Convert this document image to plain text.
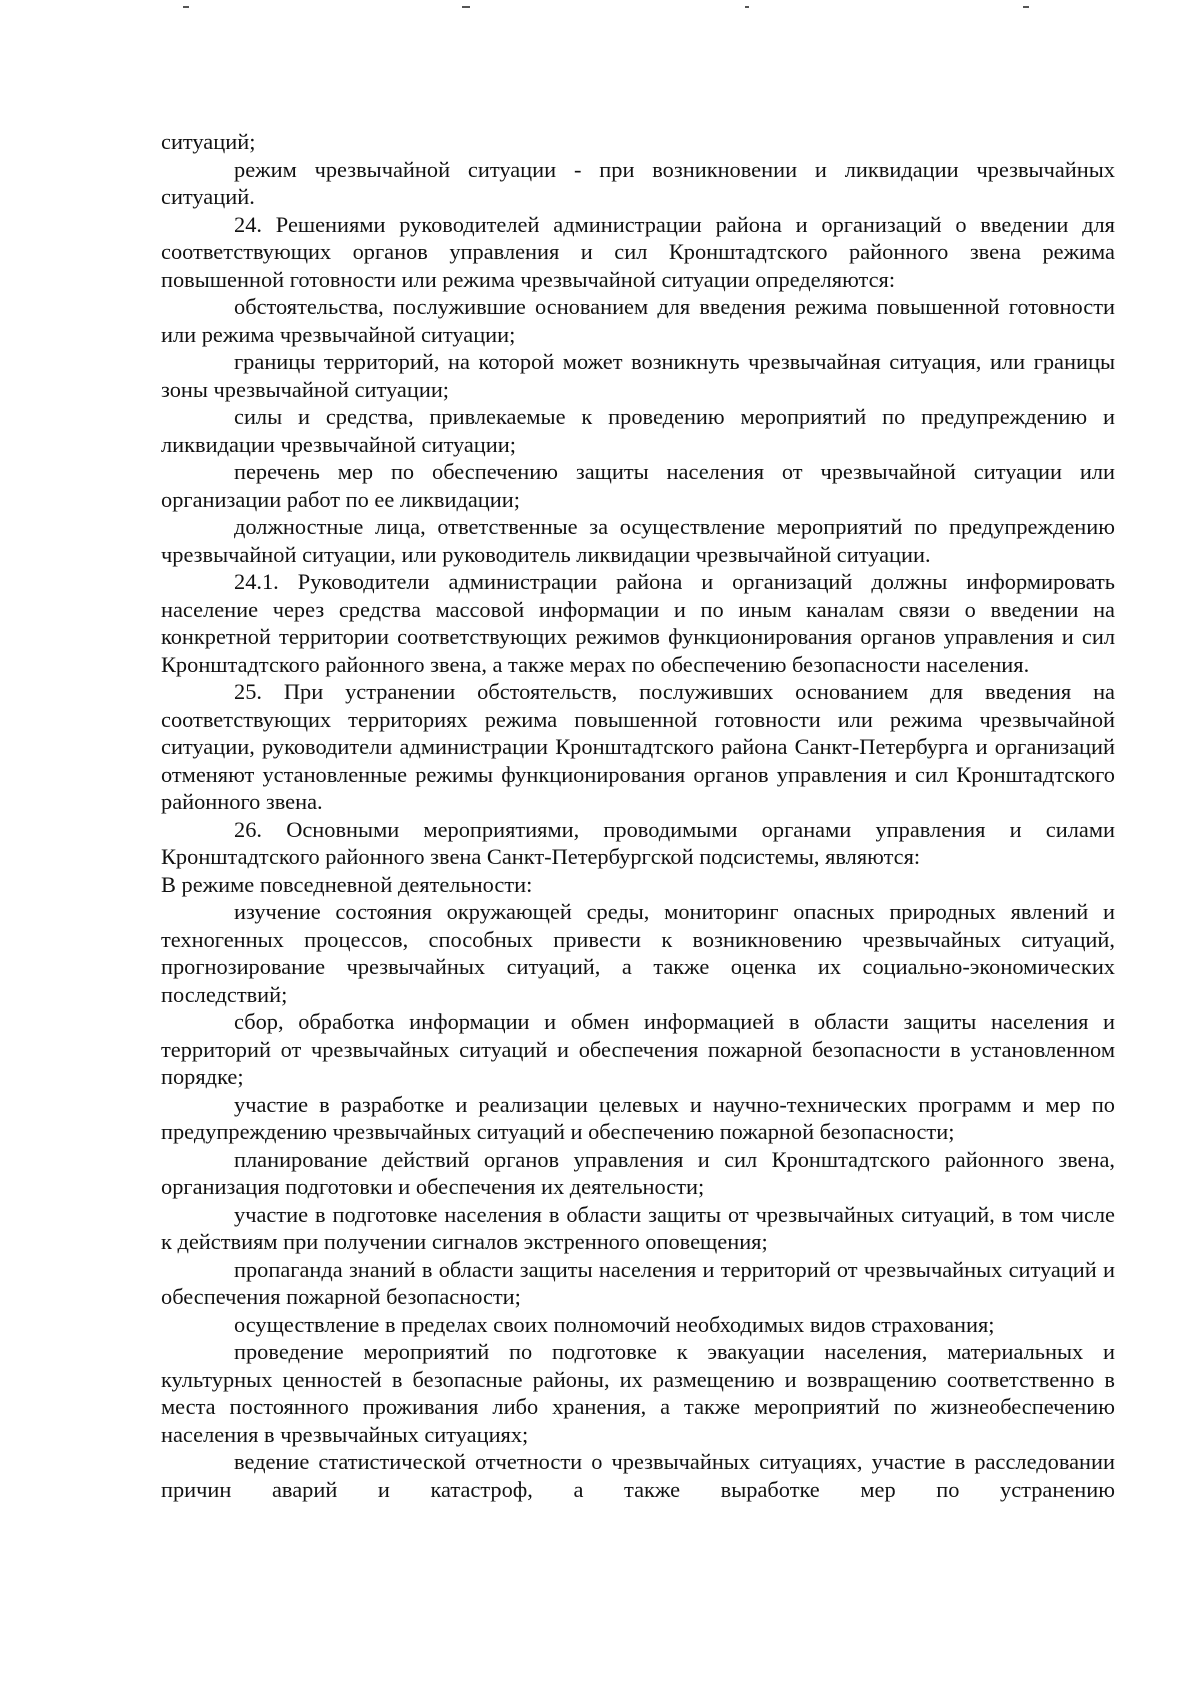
ситуаций;

режим чрезвычайной ситуации - при возникновении и ликвидации чрезвычайных ситуаций.

24. Решениями руководителей администрации района и организаций о введении для соответствующих органов управления и сил Кронштадтского районного звена режима повышенной готовности или режима чрезвычайной ситуации определяются:

обстоятельства, послужившие основанием для введения режима повышенной готовности или режима чрезвычайной ситуации;

границы территорий, на которой может возникнуть чрезвычайная ситуация, или границы зоны чрезвычайной ситуации;

силы и средства, привлекаемые к проведению мероприятий по предупреждению и ликвидации чрезвычайной ситуации;

перечень мер по обеспечению защиты населения от чрезвычайной ситуации или организации работ по ее ликвидации;

должностные лица, ответственные за осуществление мероприятий по предупреждению чрезвычайной ситуации, или руководитель ликвидации чрезвычайной ситуации.

24.1. Руководители администрации района и организаций должны информировать население через средства массовой информации и по иным каналам связи о введении на конкретной территории соответствующих режимов функционирования органов управления и сил Кронштадтского районного звена, а также мерах по обеспечению безопасности населения.

25. При устранении обстоятельств, послуживших основанием для введения на соответствующих территориях режима повышенной готовности или режима чрезвычайной ситуации, руководители администрации Кронштадтского района Санкт-Петербурга и организаций отменяют установленные режимы функционирования органов управления и сил Кронштадтского районного звена.

26. Основными мероприятиями, проводимыми органами управления и силами Кронштадтского районного звена Санкт-Петербургской подсистемы, являются:

В режиме повседневной деятельности:

изучение состояния окружающей среды, мониторинг опасных природных явлений и техногенных процессов, способных привести к возникновению чрезвычайных ситуаций, прогнозирование чрезвычайных ситуаций, а также оценка их социально-экономических последствий;

сбор, обработка информации и обмен информацией в области защиты населения и территорий от чрезвычайных ситуаций и обеспечения пожарной безопасности в установленном порядке;

участие в разработке и реализации целевых и научно-технических программ и мер по предупреждению чрезвычайных ситуаций и обеспечению пожарной безопасности;

планирование действий органов управления и сил Кронштадтского районного звена, организация подготовки и обеспечения их деятельности;

участие в подготовке населения в области защиты от чрезвычайных ситуаций, в том числе к действиям при получении сигналов экстренного оповещения;

пропаганда знаний в области защиты населения и территорий от чрезвычайных ситуаций и обеспечения пожарной безопасности;

осуществление в пределах своих полномочий необходимых видов страхования;

проведение мероприятий по подготовке к эвакуации населения, материальных и культурных ценностей в безопасные районы, их размещению и возвращению соответственно в места постоянного проживания либо хранения, а также мероприятий по жизнеобеспечению населения в чрезвычайных ситуациях;

ведение статистической отчетности о чрезвычайных ситуациях, участие в расследовании причин аварий и катастроф, а также выработке мер по устранению
